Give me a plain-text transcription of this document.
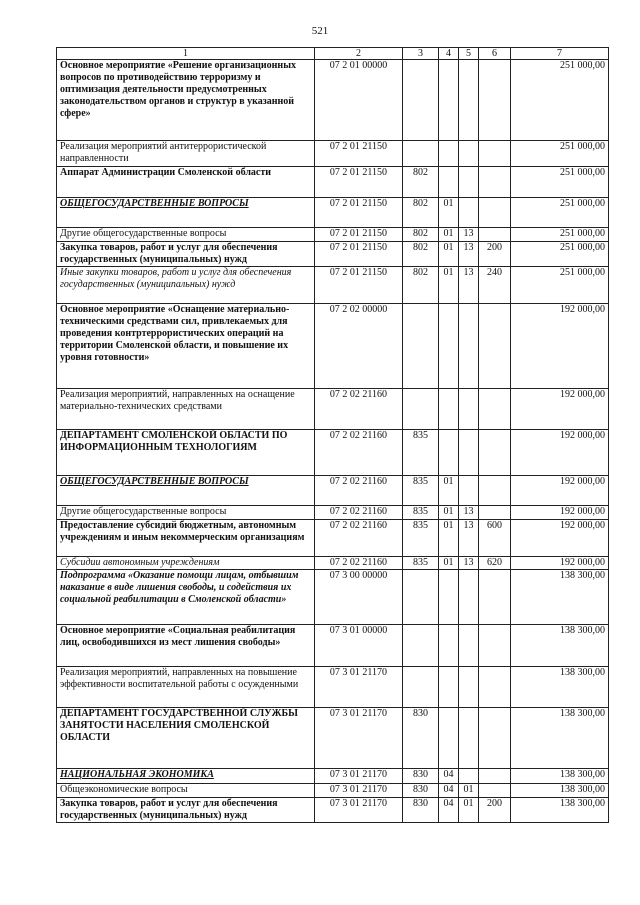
521
1	2	3	4	5	6	7
Основное мероприятие «Решение организационных вопросов по противодействию терроризму и оптимизация деятельности предусмотренных законодательством органов и структур в указанной сфере»	07 2 01 00000					251 000,00
Реализация мероприятий антитеррористической направленности	07 2 01 21150					251 000,00
Аппарат Администрации Смоленской области	07 2 01 21150	802				251 000,00
ОБЩЕГОСУДАРСТВЕННЫЕ ВОПРОСЫ	07 2 01 21150	802	01			251 000,00
Другие общегосударственные вопросы	07 2 01 21150	802	01	13		251 000,00
Закупка товаров, работ и услуг для обеспечения государственных (муниципальных) нужд	07 2 01 21150	802	01	13	200	251 000,00
Иные закупки товаров, работ и услуг для обеспечения государственных (муниципальных) нужд	07 2 01 21150	802	01	13	240	251 000,00
Основное мероприятие «Оснащение материально-техническими средствами сил, привлекаемых для проведения контртеррористических операций на территории Смоленской области, и повышение их уровня готовности»	07 2 02 00000					192 000,00
Реализация мероприятий, направленных на оснащение материально-технических средствами	07 2 02 21160					192 000,00
ДЕПАРТАМЕНТ СМОЛЕНСКОЙ ОБЛАСТИ ПО ИНФОРМАЦИОННЫМ ТЕХНОЛОГИЯМ	07 2 02 21160	835				192 000,00
ОБЩЕГОСУДАРСТВЕННЫЕ ВОПРОСЫ	07 2 02 21160	835	01			192 000,00
Другие общегосударственные вопросы	07 2 02 21160	835	01	13		192 000,00
Предоставление субсидий бюджетным, автономным учреждениям и иным некоммерческим организациям	07 2 02 21160	835	01	13	600	192 000,00
Субсидии автономным учреждениям	07 2 02 21160	835	01	13	620	192 000,00
Подпрограмма «Оказание помощи лицам, отбывшим наказание в виде лишения свободы, и содействия их социальной реабилитации в Смоленской области»	07 3 00 00000					138 300,00
Основное мероприятие «Социальная реабилитация лиц, освободившихся из мест лишения свободы»	07 3 01 00000					138 300,00
Реализация мероприятий, направленных на повышение эффективности воспитательной работы с осужденными	07 3 01 21170					138 300,00
ДЕПАРТАМЕНТ ГОСУДАРСТВЕННОЙ СЛУЖБЫ ЗАНЯТОСТИ НАСЕЛЕНИЯ СМОЛЕНСКОЙ ОБЛАСТИ	07 3 01 21170	830				138 300,00
НАЦИОНАЛЬНАЯ ЭКОНОМИКА	07 3 01 21170	830	04			138 300,00
Общеэкономические вопросы	07 3 01 21170	830	04	01		138 300,00
Закупка товаров, работ и услуг для обеспечения государственных (муниципальных) нужд	07 3 01 21170	830	04	01	200	138 300,00
